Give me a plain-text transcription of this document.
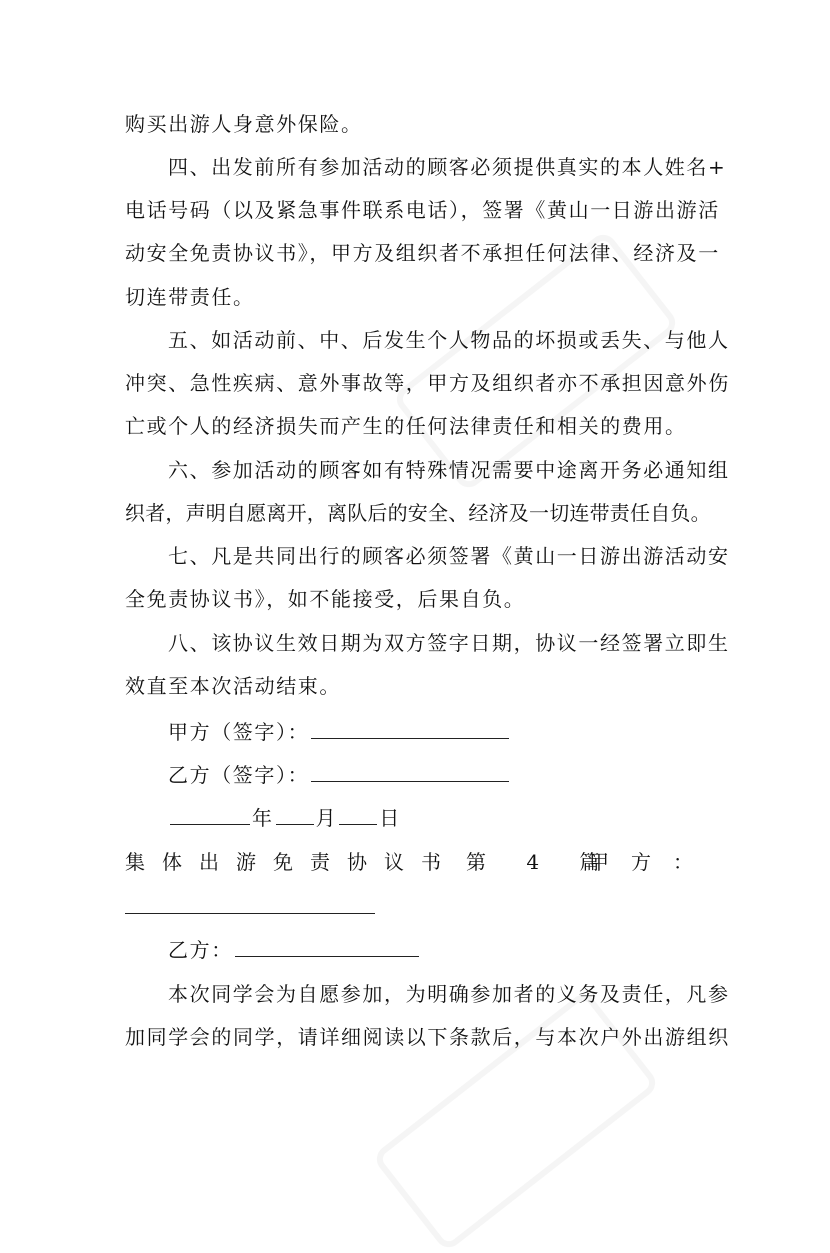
购买出游人身意外保险。
四、出发前所有参加活动的顾客必须提供真实的本人姓名+
电话号码（以及紧急事件联系电话），签署《黄山一日游出游活
动安全免责协议书》，甲方及组织者不承担任何法律、经济及一
切连带责任。
五、如活动前、中、后发生个人物品的坏损或丢失、与他人
冲突、急性疾病、意外事故等，甲方及组织者亦不承担因意外伤
亡或个人的经济损失而产生的任何法律责任和相关的费用。
六、参加活动的顾客如有特殊情况需要中途离开务必通知组
织者，声明自愿离开，离队后的安全、经济及一切连带责任自负。
七、凡是共同出行的顾客必须签署《黄山一日游出游活动安
全免责协议书》，如不能接受，后果自负。
八、该协议生效日期为双方签字日期，协议一经签署立即生
效直至本次活动结束。
甲方（签字）：
乙方（签字）：
年 月 日
集体出游免责协议书 第 4 篇
甲方：
乙方：
本次同学会为自愿参加，为明确参加者的义务及责任，凡参
加同学会的同学，请详细阅读以下条款后，与本次户外出游组织
